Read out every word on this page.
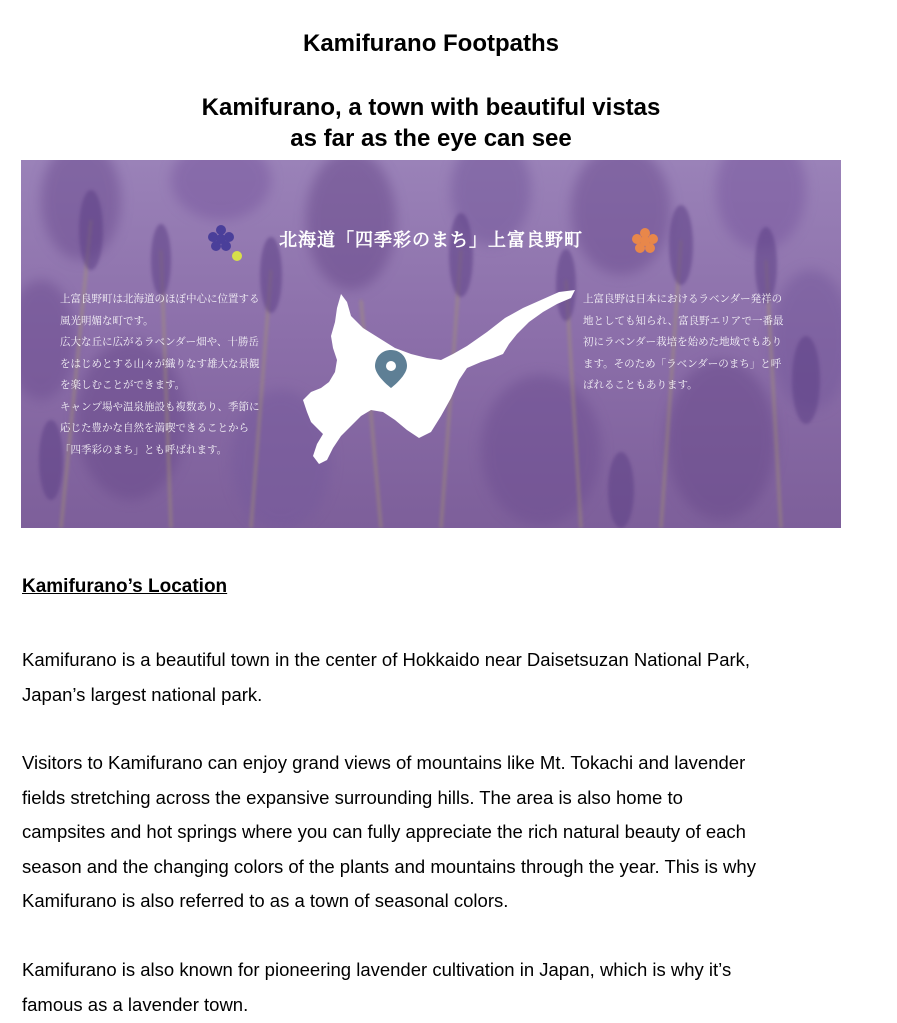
Kamifurano Footpaths
Kamifurano, a town with beautiful vistas
as far as the eye can see
北海道「四季彩のまち」上富良野町
上富良野町は北海道のほぼ中心に位置する
風光明媚な町です。
広大な丘に広がるラベンダー畑や、十勝岳
をはじめとする山々が織りなす雄大な景観
を楽しむことができます。
キャンプ場や温泉施設も複数あり、季節に
応じた豊かな自然を満喫できることから
「四季彩のまち」とも呼ばれます。
上富良野は日本におけるラベンダー発祥の
地としても知られ、富良野エリアで一番最
初にラベンダー栽培を始めた地域でもあり
ます。そのため「ラベンダーのまち」と呼
ばれることもあります。
Kamifurano’s Location

Kamifurano is a beautiful town in the center of Hokkaido near Daisetsuzan National Park,
Japan’s largest national park.

Visitors to Kamifurano can enjoy grand views of mountains like Mt. Tokachi and lavender
fields stretching across the expansive surrounding hills. The area is also home to
campsites and hot springs where you can fully appreciate the rich natural beauty of each
season and the changing colors of the plants and mountains through the year. This is why
Kamifurano is also referred to as a town of seasonal colors.

Kamifurano is also known for pioneering lavender cultivation in Japan, which is why it’s
famous as a lavender town.
